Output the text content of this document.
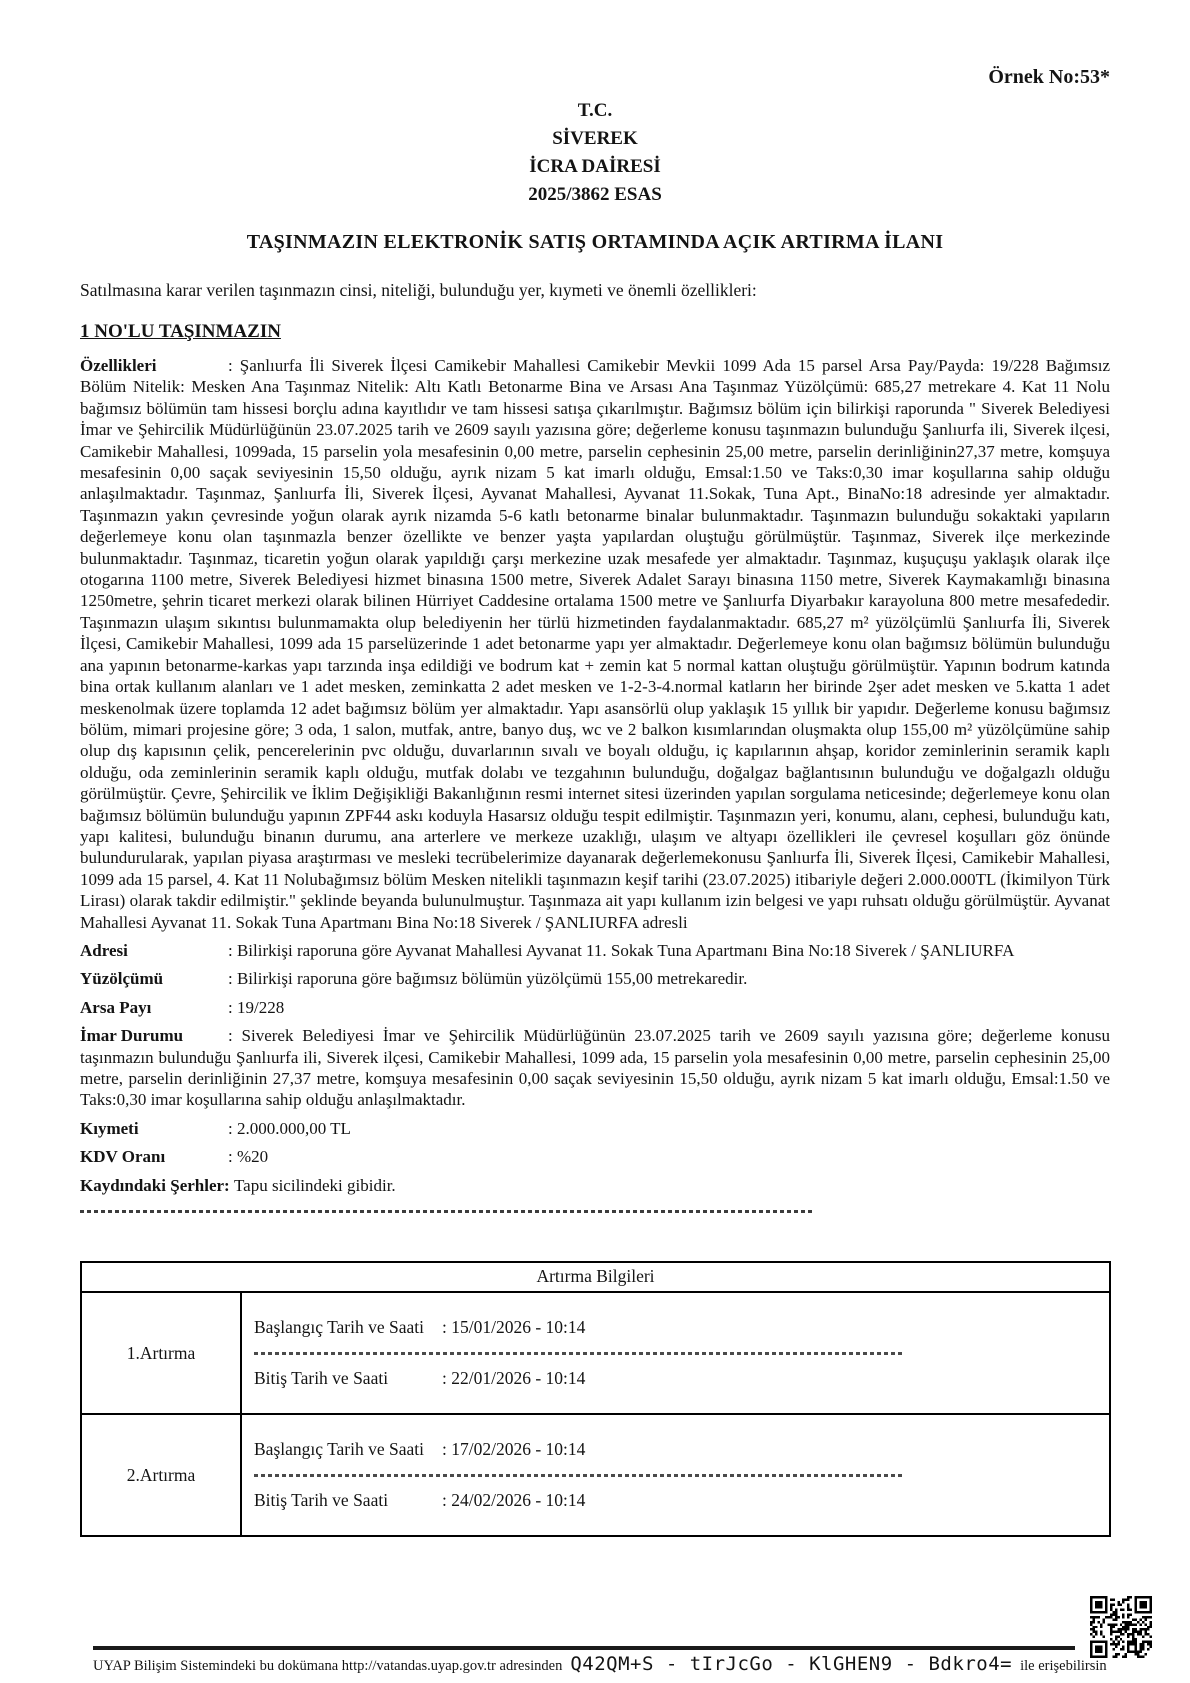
Örnek No:53*
T.C.
SİVEREK
İCRA DAİRESİ
2025/3862 ESAS
TAŞINMAZIN ELEKTRONİK SATIŞ ORTAMINDA AÇIK ARTIRMA İLANI

Satılmasına karar verilen taşınmazın cinsi, niteliği, bulunduğu yer, kıymeti ve önemli özellikleri:

1 NO'LU TAŞINMAZIN

Özellikleri	: Şanlıurfa İli Siverek İlçesi Camikebir Mahallesi Camikebir Mevkii 1099 Ada 15 parsel Arsa Pay/Payda: 19/228 Bağımsız Bölüm Nitelik: Mesken Ana Taşınmaz Nitelik: Altı Katlı Betonarme Bina ve Arsası Ana Taşınmaz Yüzölçümü: 685,27 metrekare 4. Kat 11 Nolu bağımsız bölümün tam hissesi borçlu adına kayıtlıdır ve tam hissesi satışa çıkarılmıştır. Bağımsız bölüm için bilirkişi raporunda " Siverek Belediyesi İmar ve Şehircilik Müdürlüğünün 23.07.2025 tarih ve 2609 sayılı yazısına göre; değerleme konusu taşınmazın bulunduğu Şanlıurfa ili, Siverek ilçesi, Camikebir Mahallesi, 1099ada, 15 parselin yola mesafesinin 0,00 metre, parselin cephesinin 25,00 metre, parselin derinliğinin27,37 metre, komşuya mesafesinin 0,00 saçak seviyesinin 15,50 olduğu, ayrık nizam 5 kat imarlı olduğu, Emsal:1.50 ve Taks:0,30 imar koşullarına sahip olduğu anlaşılmaktadır. Taşınmaz, Şanlıurfa İli, Siverek İlçesi, Ayvanat Mahallesi, Ayvanat 11.Sokak, Tuna Apt., BinaNo:18 adresinde yer almaktadır. Taşınmazın yakın çevresinde yoğun olarak ayrık nizamda 5-6 katlı betonarme binalar bulunmaktadır. Taşınmazın bulunduğu sokaktaki yapıların değerlemeye konu olan taşınmazla benzer özellikte ve benzer yaşta yapılardan oluştuğu görülmüştür. Taşınmaz, Siverek ilçe merkezinde bulunmaktadır. Taşınmaz, ticaretin yoğun olarak yapıldığı çarşı merkezine uzak mesafede yer almaktadır. Taşınmaz, kuşuçuşu yaklaşık olarak ilçe otogarına 1100 metre, Siverek Belediyesi hizmet binasına 1500 metre, Siverek Adalet Sarayı binasına 1150 metre, Siverek Kaymakamlığı binasına 1250metre, şehrin ticaret merkezi olarak bilinen Hürriyet Caddesine ortalama 1500 metre ve Şanlıurfa Diyarbakır karayoluna 800 metre mesafededir. Taşınmazın ulaşım sıkıntısı bulunmamakta olup belediyenin her türlü hizmetinden faydalanmaktadır. 685,27 m² yüzölçümlü Şanlıurfa İli, Siverek İlçesi, Camikebir Mahallesi, 1099 ada 15 parselüzerinde 1 adet betonarme yapı yer almaktadır. Değerlemeye konu olan bağımsız bölümün bulunduğu ana yapının betonarme-karkas yapı tarzında inşa edildiği ve bodrum kat + zemin kat 5 normal kattan oluştuğu görülmüştür. Yapının bodrum katında bina ortak kullanım alanları ve 1 adet mesken, zeminkatta 2 adet mesken ve 1-2-3-4.normal katların her birinde 2şer adet mesken ve 5.katta 1 adet meskenolmak üzere toplamda 12 adet bağımsız bölüm yer almaktadır. Yapı asansörlü olup yaklaşık 15 yıllık bir yapıdır. Değerleme konusu bağımsız bölüm, mimari projesine göre; 3 oda, 1 salon, mutfak, antre, banyo duş, wc ve 2 balkon kısımlarından oluşmakta olup 155,00 m² yüzölçümüne sahip olup dış kapısının çelik, pencerelerinin pvc olduğu, duvarlarının sıvalı ve boyalı olduğu, iç kapılarının ahşap, koridor zeminlerinin seramik kaplı olduğu, oda zeminlerinin seramik kaplı olduğu, mutfak dolabı ve tezgahının bulunduğu, doğalgaz bağlantısının bulunduğu ve doğalgazlı olduğu görülmüştür. Çevre, Şehircilik ve İklim Değişikliği Bakanlığının resmi internet sitesi üzerinden yapılan sorgulama neticesinde; değerlemeye konu olan bağımsız bölümün bulunduğu yapının ZPF44 askı koduyla Hasarsız olduğu tespit edilmiştir. Taşınmazın yeri, konumu, alanı, cephesi, bulunduğu katı, yapı kalitesi, bulunduğu binanın durumu, ana arterlere ve merkeze uzaklığı, ulaşım ve altyapı özellikleri ile çevresel koşulları göz önünde bulundurularak, yapılan piyasa araştırması ve mesleki tecrübelerimize dayanarak değerlemekonusu Şanlıurfa İli, Siverek İlçesi, Camikebir Mahallesi, 1099 ada 15 parsel, 4. Kat 11 Nolubağımsız bölüm Mesken nitelikli taşınmazın keşif tarihi (23.07.2025) itibariyle değeri 2.000.000TL (İkimilyon Türk Lirası) olarak takdir edilmiştir." şeklinde beyanda bulunulmuştur. Taşınmaza ait yapı kullanım izin belgesi ve yapı ruhsatı olduğu görülmüştür. Ayvanat Mahallesi Ayvanat 11. Sokak Tuna Apartmanı Bina No:18 Siverek / ŞANLIURFA adresli

Adresi	: Bilirkişi raporuna göre Ayvanat Mahallesi Ayvanat 11. Sokak Tuna Apartmanı Bina No:18 Siverek / ŞANLIURFA

Yüzölçümü	: Bilirkişi raporuna göre bağımsız bölümün yüzölçümü 155,00 metrekaredir.

Arsa Payı	: 19/228

İmar Durumu	: Siverek Belediyesi İmar ve Şehircilik Müdürlüğünün 23.07.2025 tarih ve 2609 sayılı yazısına göre; değerleme konusu taşınmazın bulunduğu Şanlıurfa ili, Siverek ilçesi, Camikebir Mahallesi, 1099 ada, 15 parselin yola mesafesinin 0,00 metre, parselin cephesinin 25,00 metre, parselin derinliğinin 27,37 metre, komşuya mesafesinin 0,00 saçak seviyesinin 15,50 olduğu, ayrık nizam 5 kat imarlı olduğu, Emsal:1.50 ve Taks:0,30 imar koşullarına sahip olduğu anlaşılmaktadır.

Kıymeti	: 2.000.000,00 TL

KDV Oranı	: %20

Kaydındaki Şerhler: Tapu sicilindeki gibidir.

Artırma Bilgileri
1.Artırma
Başlangıç Tarih ve Saati : 15/01/2026 - 10:14
Bitiş Tarih ve Saati	: 22/01/2026 - 10:14
2.Artırma
Başlangıç Tarih ve Saati : 17/02/2026 - 10:14
Bitiş Tarih ve Saati	: 24/02/2026 - 10:14
UYAP Bilişim Sistemindeki bu dokümana http://vatandas.uyap.gov.tr adresinden Q42QM+S - tIrJcGo - KlGHEN9 - Bdkro4= ile erişebilirsin
